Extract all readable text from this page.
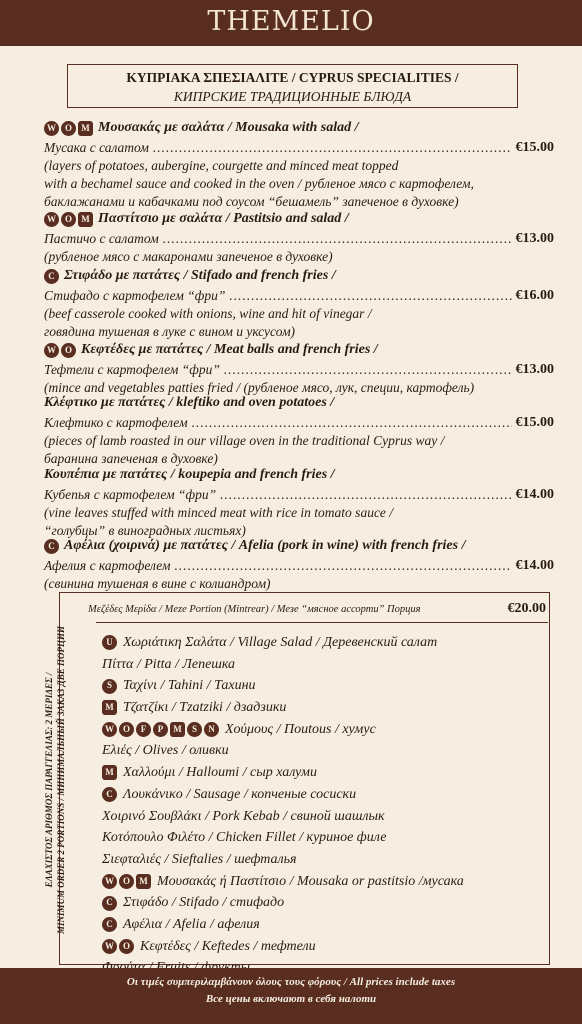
THEMELIO
ΚΥΠΡΙΑΚΑ ΣΠΕΣΙΑΛΙΤΕ / CYPRUS SPECIALITIES /
КИПРСКИЕ ТРАДИЦИОННЫЕ БЛЮДА
W O	M Μουσακάς με σαλάτα / Mousaka with salad /
Мусака с салатом .....	€15.00
(layers of potatoes, aubergine, courgette and minced meat topped
with a bechamel sauce and cooked in the oven / рубленое мясо с картофелем,
баклажанами и кабачками под соусом “бешамель” запеченое в духовке)
W O	M Παστίτσιο με σαλάτα / Pastitsio and salad /
Пастичо с салатом .....	€13.00
(рубленое мясо с макаронами запеченое в духовке)
C Στιφάδο με πατάτες / Stifado and french fries /
Стифадо с картофелем “фри” .....	€16.00
(beef casserole cooked with onions, wine and hit of vinegar /
говядина тушеная в луке с вином и уксусом)
W O Κεφτέδες με πατάτες / Meat balls and french fries /
Тефтели с картофелем “фри” .....	€13.00
(mince and vegetables patties fried / (рубленое мясо, лук, специи, картофель)
Κλέφτικο με πατάτες / kleftiko and oven potatoes /
Клефтико с картофелем .....	€15.00
(pieces of lamb roasted in our village oven in the traditional Cyprus way /
баранина запеченая в духовке)
Κουπέπια με πατάτες / koupepia and french fries /
Кубепья с картофелем “фри” .....	€14.00
(vine leaves stuffed with minced meat with rice in tomato sauce /
“голубцы” в виноградных листьях)
C Αφέλια (χοιρινά) με πατάτες / Afelia (pork in wine) with french fries /
Афелия с картофелем .....	€14.00
(свинина тушеная в вине с колиандром)
ΕΛΑΧΙΣΤΟΣ ΑΡΙΘΜΟΣ ΠΑΡΑΓΓΕΛΙΑΣ: 2 ΜΕΡΙΔΕΣ / MINIMUM ORDER 2 PORTIONS / МИНИМАЛЬНЫЙ ЗАКАЗ ДВЕ ПОРЦИИ
Μεζέδες Μερίδα / Meze Portion (Mintrear) / Мезе “мясное ассорти” Порция	€20.00
U Χωριάτικη Σαλάτα / Village Salad / Деревенский салат
Πίττα / Pitta / Лепешка
S Ταχίνι / Tahini / Тахини
M Τζατζίκι / Tzatziki / дзадзики
W O	F	P	M	S	N Χούμους / Поutous / хумус
Ελιές / Olives / оливки
M Χαλλούμι / Halloumi / сыр халуми
C Λουκάνικο / Sausage / копченые сосиски
Χοιρινό Σουβλάκι / Pork Kebab / свиной шашлык
Κοτόπουλο Φιλέτο / Chicken Fillet / куриное филе
Σιεφταλιές / Sieftalies / шефталья
W O	M Μουσακάς ή Παστίτσιο / Mousaka or pastitsio /мусака
C Στιφάδο / Stifado / стифадо
C Αφέλια / Afelia / афелия
W O Κεφτέδες / Keftedes / тефтели
Οι τιμές συμπεριλαμβάνουν όλους τους φόρους / All prices include taxes
Все цены включают в себя налоти
